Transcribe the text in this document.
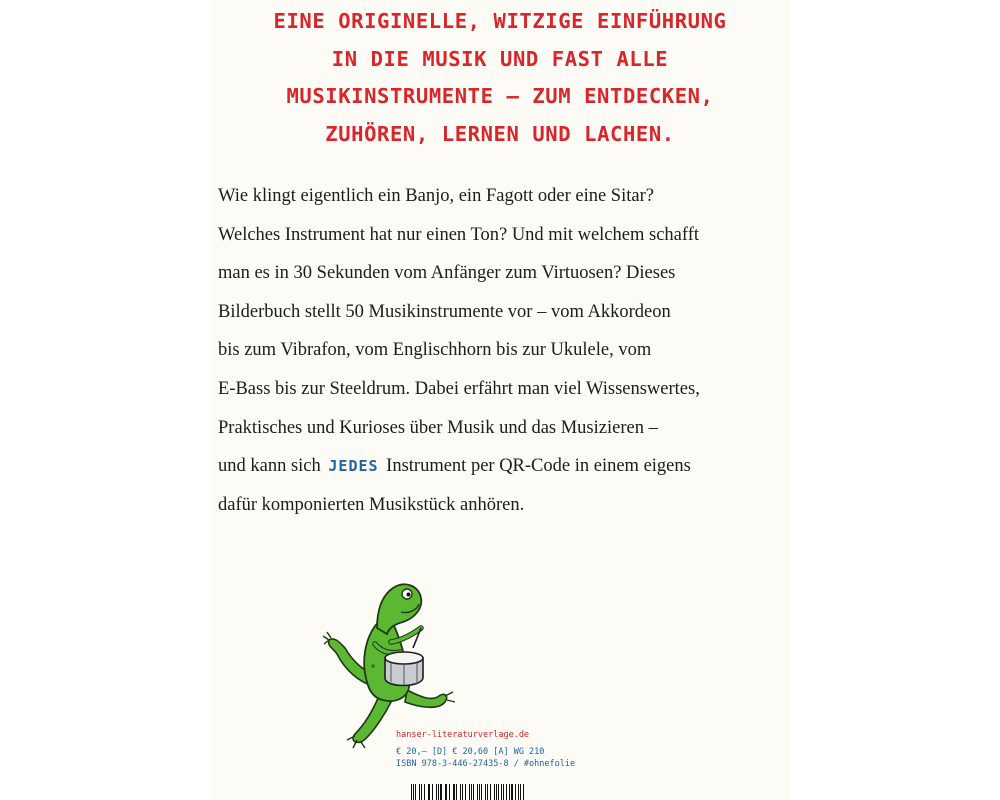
EINE ORIGINELLE, WITZIGE EINFÜHRUNG
IN DIE MUSIK UND FAST ALLE
MUSIKINSTRUMENTE – ZUM ENTDECKEN,
ZUHÖREN, LERNEN UND LACHEN.
Wie klingt eigentlich ein Banjo, ein Fagott oder eine Sitar?
Welches Instrument hat nur einen Ton? Und mit welchem schafft
man es in 30 Sekunden vom Anfänger zum Virtuosen? Dieses
Bilderbuch stellt 50 Musikinstrumente vor – vom Akkordeon
bis zum Vibrafon, vom Englischhorn bis zur Ukulele, vom
E-Bass bis zur Steeldrum. Dabei erfährt man viel Wissenswertes,
Praktisches und Kurioses über Musik und das Musizieren –
und kann sich JEDES Instrument per QR-Code in einem eigens
dafür komponierten Musikstück anhören.
hanser-literaturverlage.de
€ 20,– [D] € 20,60 [A] WG 210
ISBN 978-3-446-27435-8 / #ohnefolie
